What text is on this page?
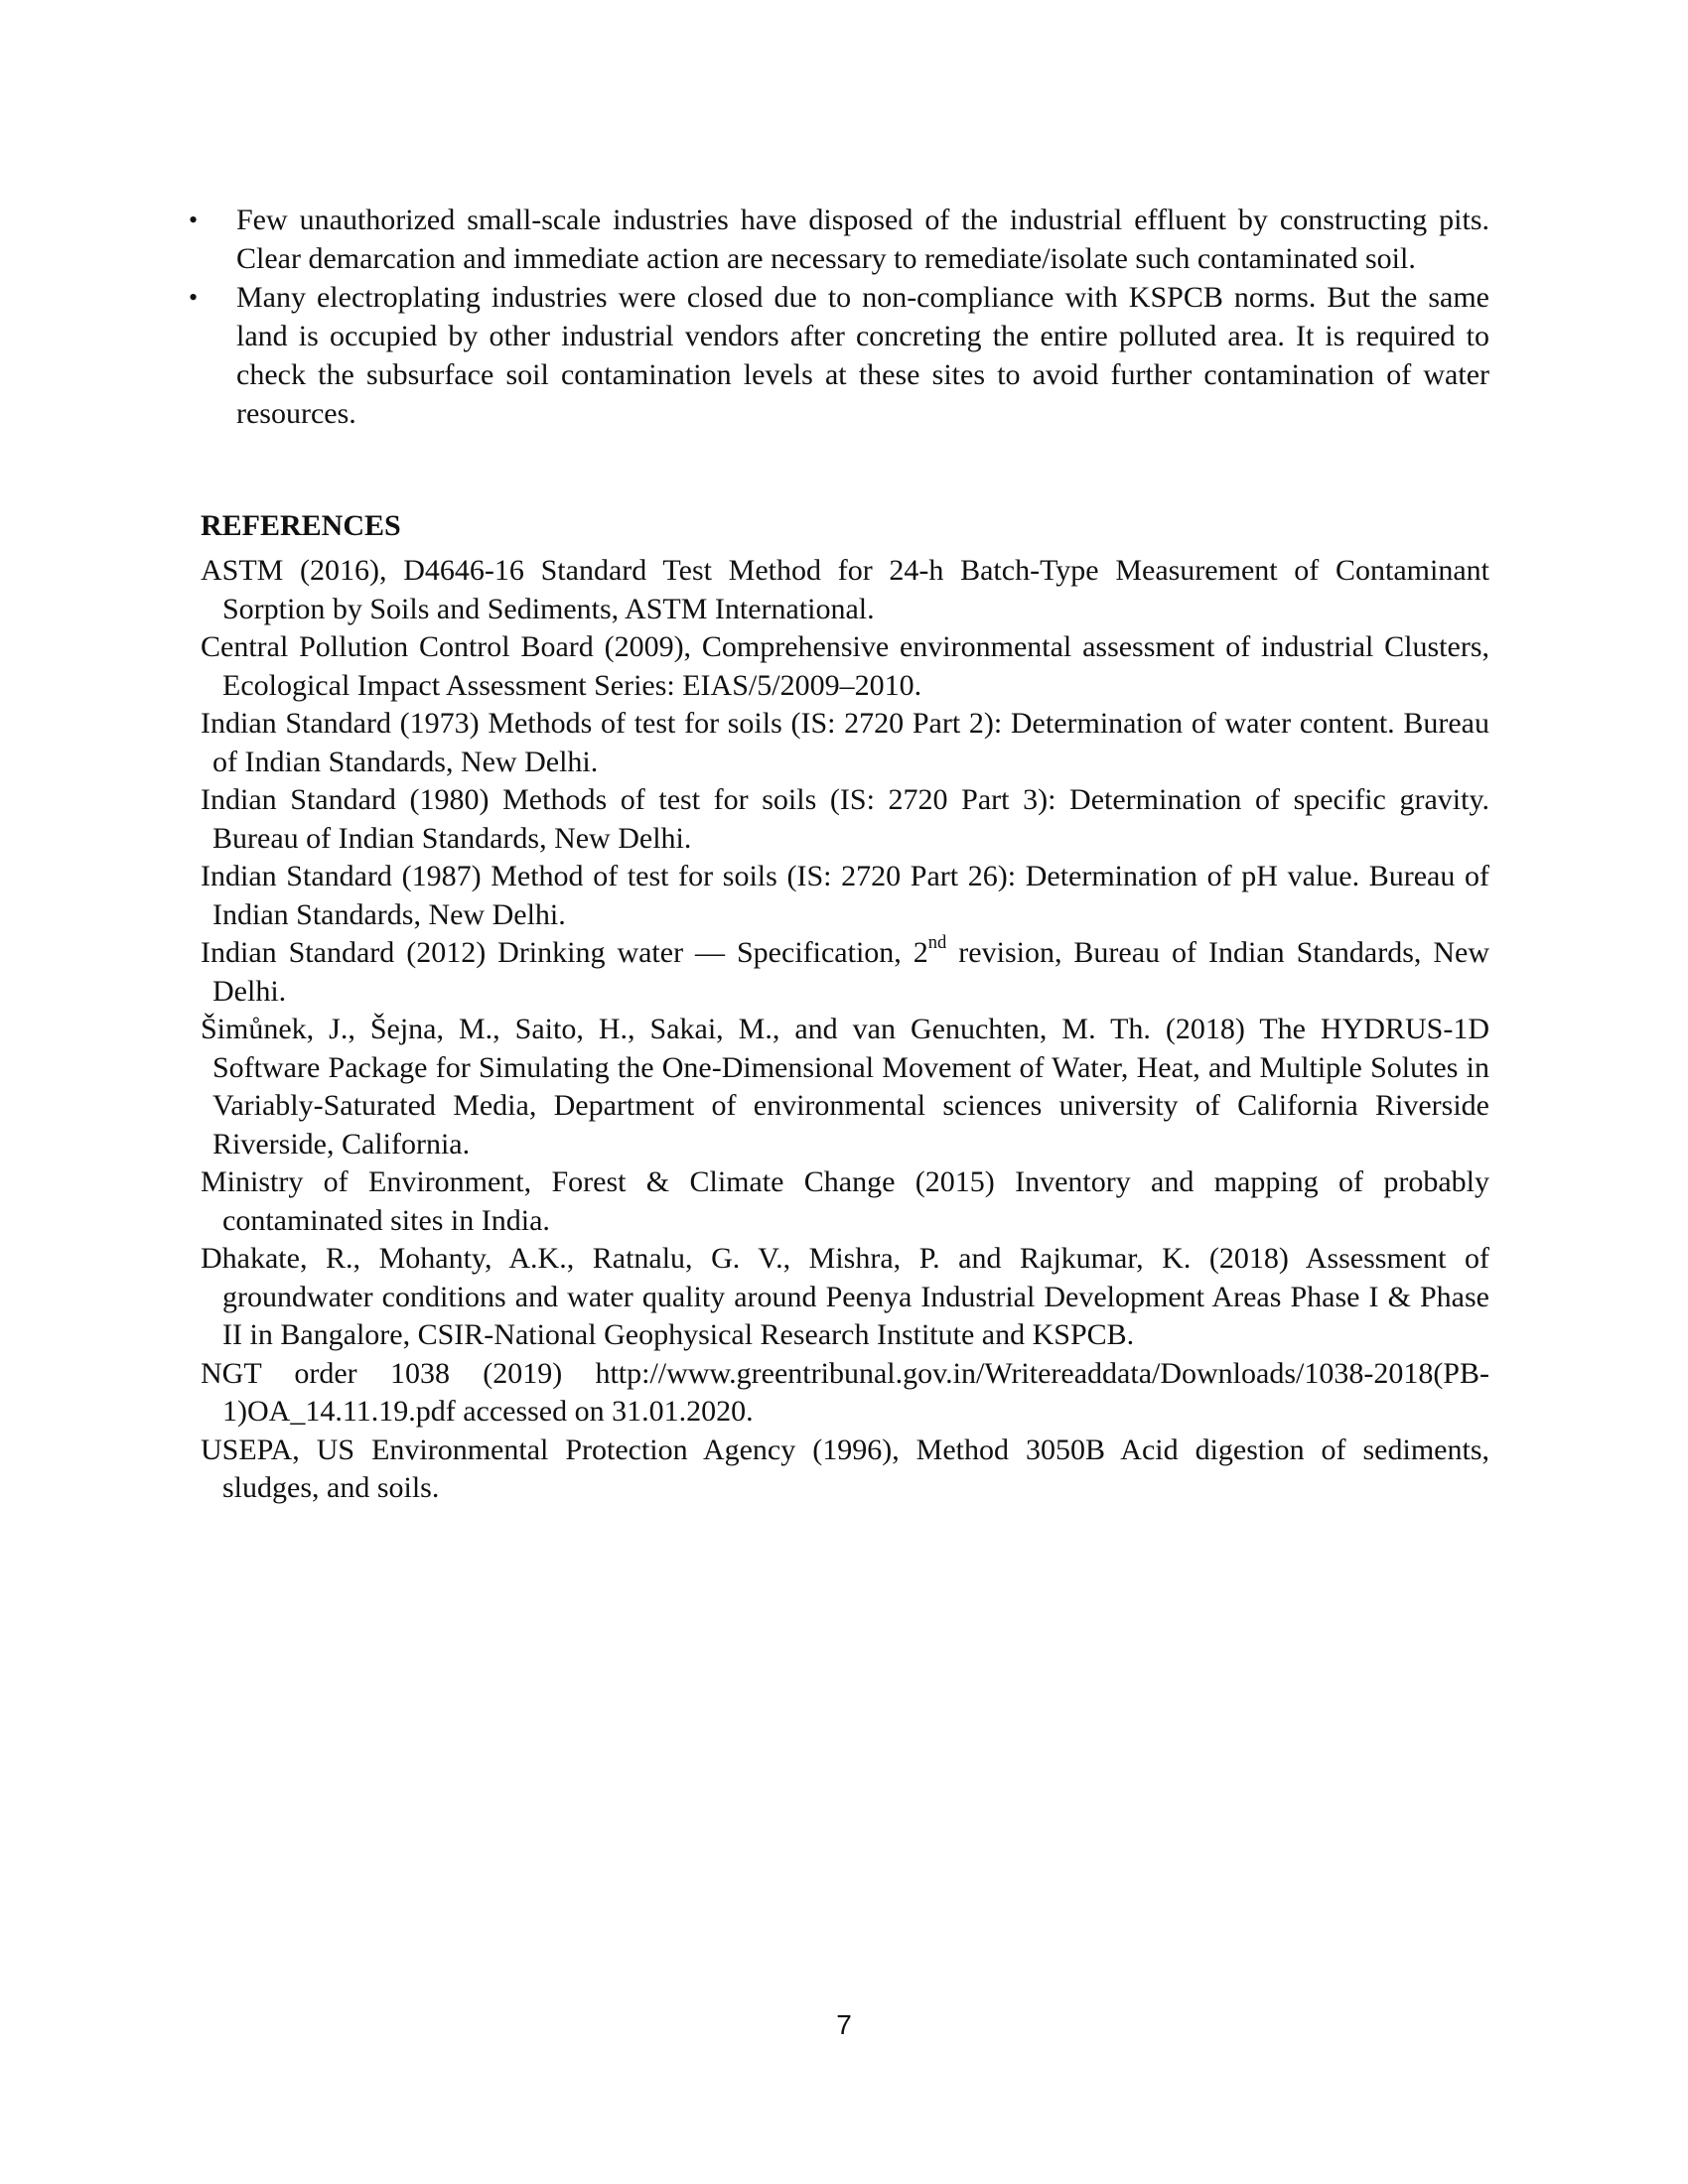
•	Few unauthorized small-scale industries have disposed of the industrial effluent by constructing pits. Clear demarcation and immediate action are necessary to remediate/isolate such contaminated soil.
•	Many electroplating industries were closed due to non-compliance with KSPCB norms. But the same land is occupied by other industrial vendors after concreting the entire polluted area. It is required to check the subsurface soil contamination levels at these sites to avoid further contamination of water resources.
REFERENCES
ASTM (2016), D4646-16 Standard Test Method for 24-h Batch-Type Measurement of Contaminant Sorption by Soils and Sediments, ASTM International.
Central Pollution Control Board (2009), Comprehensive environmental assessment of industrial Clusters, Ecological Impact Assessment Series: EIAS/5/2009–2010.
Indian Standard (1973) Methods of test for soils (IS: 2720 Part 2): Determination of water content. Bureau of Indian Standards, New Delhi.
Indian Standard (1980) Methods of test for soils (IS: 2720 Part 3): Determination of specific gravity. Bureau of Indian Standards, New Delhi.
Indian Standard (1987) Method of test for soils (IS: 2720 Part 26): Determination of pH value. Bureau of Indian Standards, New Delhi.
Indian Standard (2012) Drinking water — Specification, 2nd revision, Bureau of Indian Standards, New Delhi.
Šimůnek, J., Šejna, M., Saito, H., Sakai, M., and van Genuchten, M. Th. (2018) The HYDRUS-1D Software Package for Simulating the One-Dimensional Movement of Water, Heat, and Multiple Solutes in Variably-Saturated Media, Department of environmental sciences university of California Riverside Riverside, California.
Ministry of Environment, Forest & Climate Change (2015) Inventory and mapping of probably contaminated sites in India.
Dhakate, R., Mohanty, A.K., Ratnalu, G. V., Mishra, P. and Rajkumar, K. (2018) Assessment of groundwater conditions and water quality around Peenya Industrial Development Areas Phase I & Phase II in Bangalore, CSIR-National Geophysical Research Institute and KSPCB.
NGT order 1038 (2019) http://www.greentribunal.gov.in/Writereaddata/Downloads/1038-2018(PB-1)OA_14.11.19.pdf accessed on 31.01.2020.
USEPA, US Environmental Protection Agency (1996), Method 3050B Acid digestion of sediments, sludges, and soils.
7
